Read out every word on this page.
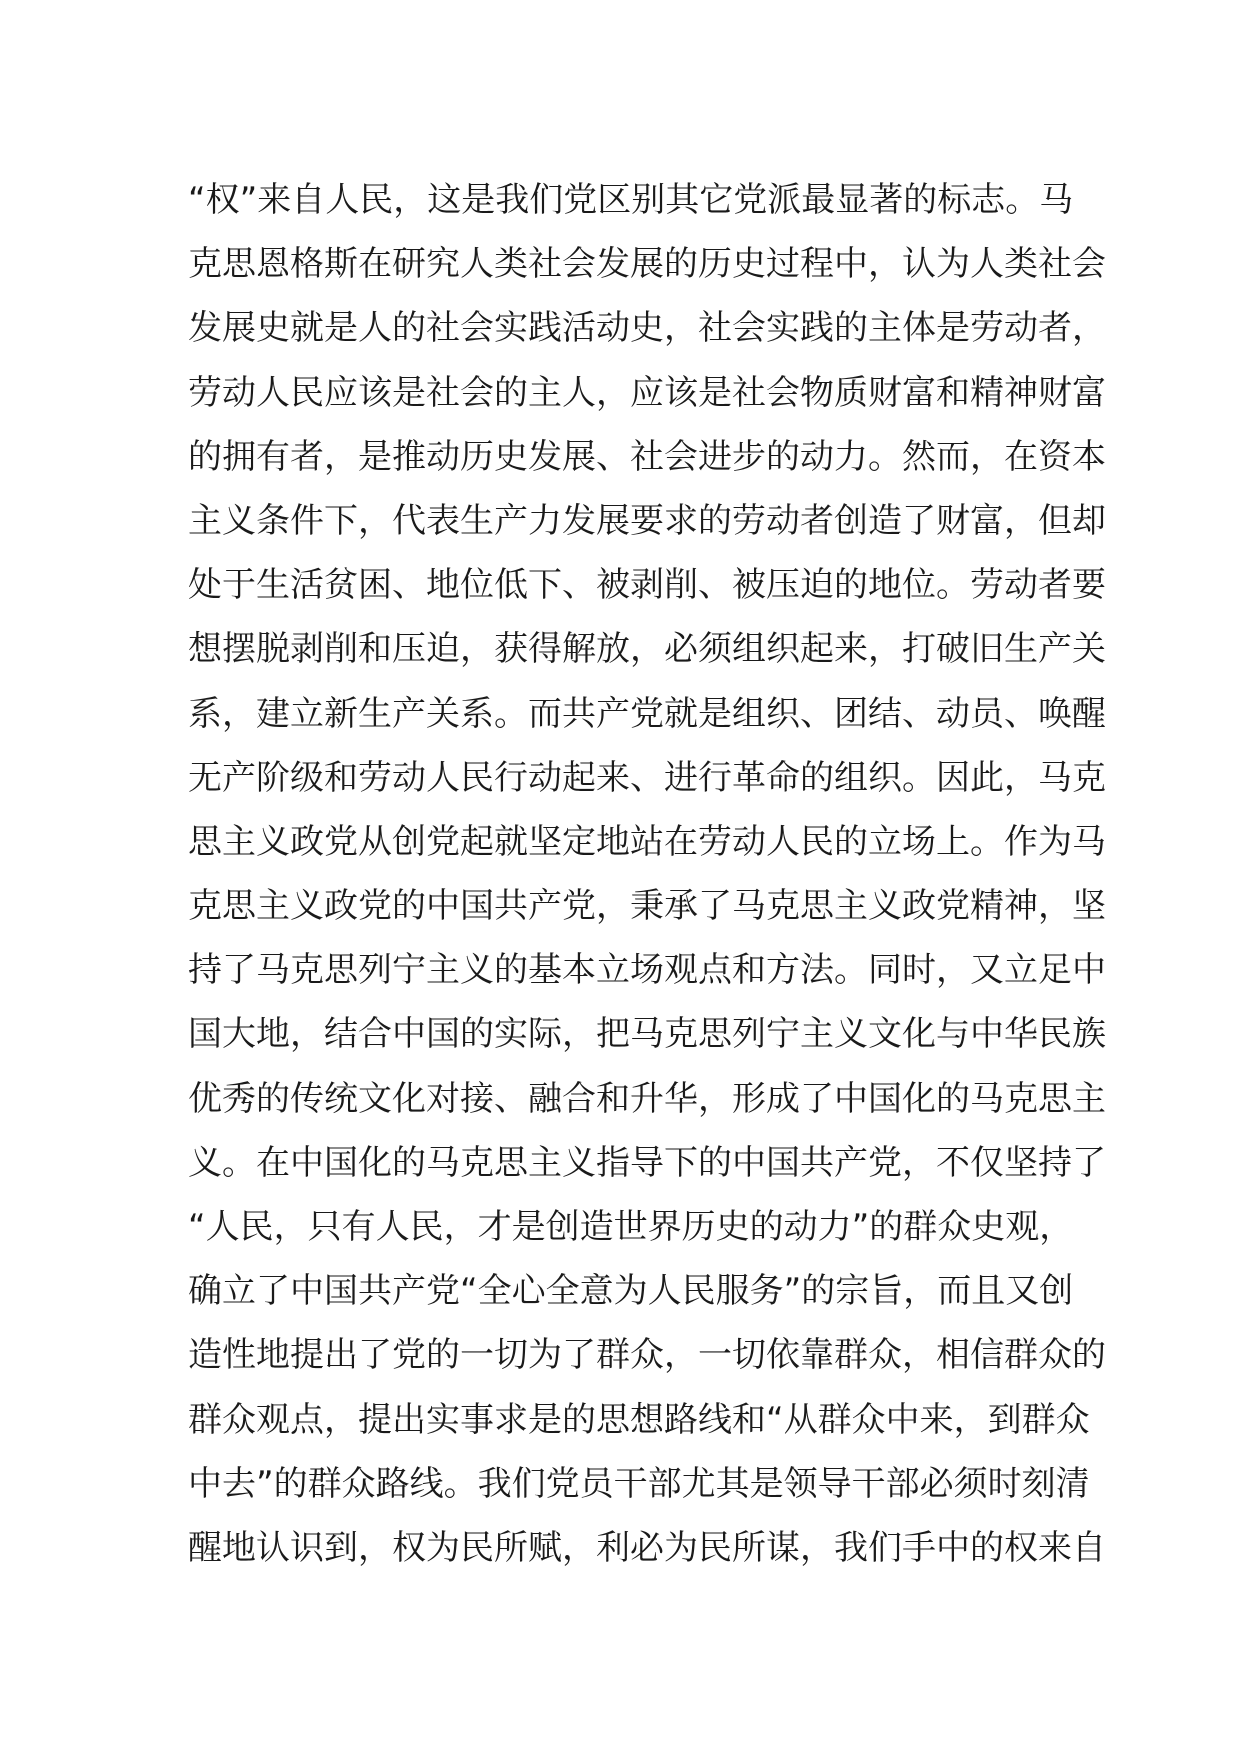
“权”来自人民，这是我们党区别其它党派最显著的标志。马
克思恩格斯在研究人类社会发展的历史过程中，认为人类社会
发展史就是人的社会实践活动史，社会实践的主体是劳动者，
劳动人民应该是社会的主人，应该是社会物质财富和精神财富
的拥有者，是推动历史发展、社会进步的动力。然而，在资本
主义条件下，代表生产力发展要求的劳动者创造了财富，但却
处于生活贫困、地位低下、被剥削、被压迫的地位。劳动者要
想摆脱剥削和压迫，获得解放，必须组织起来，打破旧生产关
系，建立新生产关系。而共产党就是组织、团结、动员、唤醒
无产阶级和劳动人民行动起来、进行革命的组织。因此，马克
思主义政党从创党起就坚定地站在劳动人民的立场上。作为马
克思主义政党的中国共产党，秉承了马克思主义政党精神，坚
持了马克思列宁主义的基本立场观点和方法。同时，又立足中
国大地，结合中国的实际，把马克思列宁主义文化与中华民族
优秀的传统文化对接、融合和升华，形成了中国化的马克思主
义。在中国化的马克思主义指导下的中国共产党，不仅坚持了
“人民，只有人民，才是创造世界历史的动力”的群众史观，
确立了中国共产党“全心全意为人民服务”的宗旨，而且又创
造性地提出了党的一切为了群众，一切依靠群众，相信群众的
群众观点，提出实事求是的思想路线和“从群众中来，到群众
中去”的群众路线。我们党员干部尤其是领导干部必须时刻清
醒地认识到，权为民所赋，利必为民所谋，我们手中的权来自
